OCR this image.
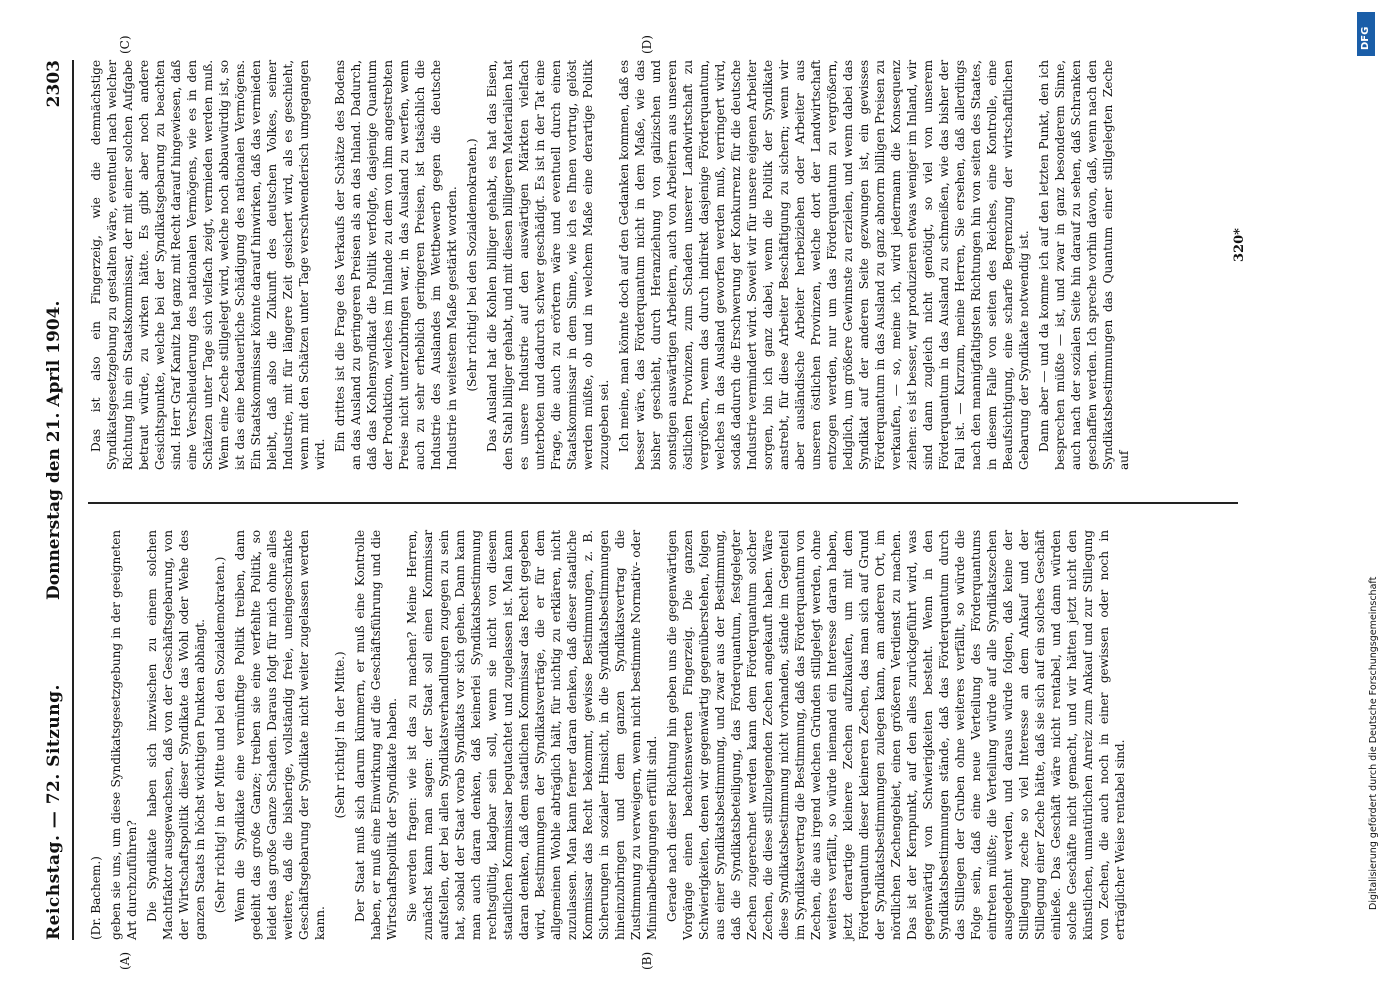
Reichstag. — 72. Sitzung.
Donnerstag den 21. April 1904.
2303
(A)	(B)
(C)	(D)

(Dr. Bachem.) geben sie uns, um diese Syndikatsgesetzgebung in der geeigneten Art durchzuführen? Die Syndikate haben sich inzwischen zu einem solchen Machtfaktor ausgewachsen, daß von der Geschäftsgebarung, von der Wirtschaftspolitik dieser Syndikate das Wohl oder Wehe des ganzen Staats in höchst wichtigen Punkten abhängt. (Sehr richtig! in der Mitte und bei den Sozialdemokraten.) Wenn die Syndikate eine vernünftige Politik treiben, dann gedeiht das große Ganze; treiben sie eine verfehlte Politik, so leidet das große Ganze Schaden. Daraus folgt für mich ohne alles weitere, daß die bisherige, vollständig freie, uneingeschränkte Geschäftsgebarung der Syndikate nicht weiter zugelassen werden kann.

(Sehr richtig! in der Mitte.) Der Staat muß sich darum kümmern, er muß eine Kontrolle haben, er muß eine Einwirkung auf die Geschäftsführung und die Wirtschaftspolitik der Syndikate haben. Sie werden fragen: wie ist das zu machen? Meine Herren, zunächst kann man sagen: der Staat soll einen Kommissar aufstellen, der bei allen Syndikatsverhandlungen zugegen zu sein hat, sobald der Staat vorab Syndikats vor sich gehen. Dann kann man auch daran denken, daß keinerlei Syndikatsbestimmung rechtsgültig, klagbar sein soll, wenn sie nicht von diesem staatlichen Kommissar begutachtet und zugelassen ist. Man kann daran denken, daß dem staatlichen Kommissar das Recht gegeben wird, Bestimmungen der Syndikatsverträge, die er für dem allgemeinen Wohle abträglich hält, für nichtig zu erklären, nicht zuzulassen. Man kann ferner daran denken, daß dieser staatliche Kommissar das Recht bekommt, gewisse Bestimmungen, z. B. Sicherungen in sozialer Hinsicht, in die Syndikatsbestimmungen hineinzubringen und dem ganzen Syndikatsvertrag die Zustimmung zu verweigern, wenn nicht bestimmte Normativ- oder Minimalbedingungen erfüllt sind. Gerade nach dieser Richtung hin geben uns die gegenwärtigen Vorgänge einen beachtenswerten Fingerzeig. Die ganzen Schwierigkeiten, denen wir gegenwärtig gegenüberstehen, folgen aus einer Syndikatsbestimmung, und zwar aus der Bestimmung, daß die Syndikatsbeteiligung, das Förderquantum, festgelegter Zechen zugerechnet werden kann dem Förderquantum solcher Zechen, die diese stillzulegenden Zechen angekauft haben. Wäre diese Syndikatsbestimmung nicht vorhanden, stände im Gegenteil im Syndikatsvertrag die Bestimmung, daß das Förderquantum von Zechen, die aus irgend welchen Gründen stillgelegt werden, ohne weiteres verfällt, so würde niemand ein Interesse daran haben, jetzt derartige kleinere Zechen aufzukaufen, um mit dem Förderquantum dieser kleineren Zechen, das man sich auf Grund der Syndikatsbestimmungen zulegen kann, am anderen Ort, im nördlichen Zechengebiet, einen größeren Verdienst zu machen. Das ist der Kernpunkt, auf den alles zurückgeführt wird, was gegenwärtig von Schwierigkeiten besteht. Wenn in den Syndikatsbestimmungen stände, daß das Förderquantum durch das Stillegen der Gruben ohne weiteres verfällt, so würde die Folge sein, daß eine neue Verteilung des Förderquantums eintreten müßte; die Verteilung würde auf alle Syndikatszechen ausgedehnt werden, und daraus würde folgen, daß keine der Stillegung zeche so viel Interesse an dem Ankauf und der Stillegung einer Zeche hätte, daß sie sich auf ein solches Geschäft einließe. Das Geschäft wäre nicht rentabel, und dann würden solche Geschäfte nicht gemacht, und wir hätten jetzt nicht den künstlichen, unnatürlichen Anreiz zum Ankauf und zur Stillegung von Zechen, die auch noch in einer gewissen oder noch in erträglicher Weise rentabel sind.

Das ist also ein Fingerzeig, wie die demnächstige Syndikatsgesetzgebung zu gestalten wäre, eventuell nach welcher Richtung hin ein Staatskommissar, der mit einer solchen Aufgabe betraut würde, zu wirken hätte. Es gibt aber noch andere Gesichtspunkte, welche bei der Syndikatsgebarung zu beachten sind. Herr Graf Kanitz hat ganz mit Recht darauf hingewiesen, daß eine Verschleuderung des nationalen Vermögens, wie es in den Schätzen unter Tage sich vielfach zeigt, vermieden werden muß. Wenn eine Zeche stillgelegt wird, welche noch abbauwürdig ist, so ist das eine bedauerliche Schädigung des nationalen Vermögens. Ein Staatskommissar könnte darauf hinwirken, daß das vermieden bleibt, daß also die Zukunft des deutschen Volkes, seiner Industrie, mit für längere Zeit gesichert wird, als es geschieht, wenn mit den Schätzen unter Tage verschwenderisch umgegangen wird.

Ein drittes ist die Frage des Verkaufs der Schätze des Bodens an das Ausland zu geringeren Preisen als an das Inland. Dadurch, daß das Kohlensyndikat die Politik verfolgte, dasjenige Quantum der Produktion, welches im Inlande zu dem von ihm angestrebten Preise nicht unterzubringen war, in das Ausland zu werfen, wenn auch zu sehr erheblich geringeren Preisen, ist tatsächlich die Industrie des Auslandes im Wettbewerb gegen die deutsche Industrie in weitestem Maße gestärkt worden. (Sehr richtig! bei den Sozialdemokraten.) Das Ausland hat die Kohlen billiger gehabt, es hat das Eisen, den Stahl billiger gehabt, und mit diesen billigeren Materialien hat es unsere Industrie auf den auswärtigen Märkten vielfach unterboten und dadurch schwer geschädigt. Es ist in der Tat eine Frage, die auch zu erörtern wäre und eventuell durch einen Staatskommissar in dem Sinne, wie ich es Ihnen vortrug, gelöst werden müßte, ob und in welchem Maße eine derartige Politik zuzugeben sei. Ich meine, man könnte doch auf den Gedanken kommen, daß es besser wäre, das Förderquantum nicht in dem Maße, wie das bisher geschieht, durch Heranziehung von galizischen und sonstigen auswärtigen Arbeitern, auch von Arbeitern aus unseren östlichen Provinzen, zum Schaden unserer Landwirtschaft zu vergrößern, wenn das durch indirekt dasjenige Förderquantum, welches in das Ausland geworfen werden muß, verringert wird, sodaß dadurch die Erschwerung der Konkurrenz für die deutsche Industrie vermindert wird. Soweit wir für unsere eigenen Arbeiter sorgen, bin ich ganz dabei, wenn die Politik der Syndikate anstrebt, für diese Arbeiter Beschäftigung zu sichern; wenn wir aber ausländische Arbeiter herbeiziehen oder Arbeiter aus unseren östlichen Provinzen, welche dort der Landwirtschaft entzogen werden, nur um das Förderquantum zu vergrößern, lediglich, um größere Gewinnste zu erzielen, und wenn dabei das Syndikat auf der anderen Seite gezwungen ist, ein gewisses Förderquantum in das Ausland zu ganz abnorm billigen Preisen zu verkaufen, — so, meine ich, wird jedermann die Konsequenz ziehen: es ist besser, wir produzieren etwas weniger im Inland, wir sind dann zugleich nicht genötigt, so viel von unserem Förderquantum in das Ausland zu schmeißen, wie das bisher der Fall ist. — Kurzum, meine Herren, Sie ersehen, daß allerdings nach den mannigfaltigsten Richtungen hin von seiten des Staates, in diesem Falle von seiten des Reiches, eine Kontrolle, eine Beaufsichtigung, eine scharfe Begrenzung der wirtschaftlichen Gebarung der Syndikate notwendig ist. Dann aber — und da komme ich auf den letzten Punkt, den ich besprechen müßte — ist, und zwar in ganz besonderem Sinne, auch nach der sozialen Seite hin darauf zu sehen, daß Schranken geschaffen werden. Ich spreche vorhin davon, daß, wenn nach den Syndikatsbestimmungen das Quantum einer stillgelegten Zeche auf

320*
Digitalisierung gefördert durch die Deutsche Forschungsgemeinschaft
DFG
